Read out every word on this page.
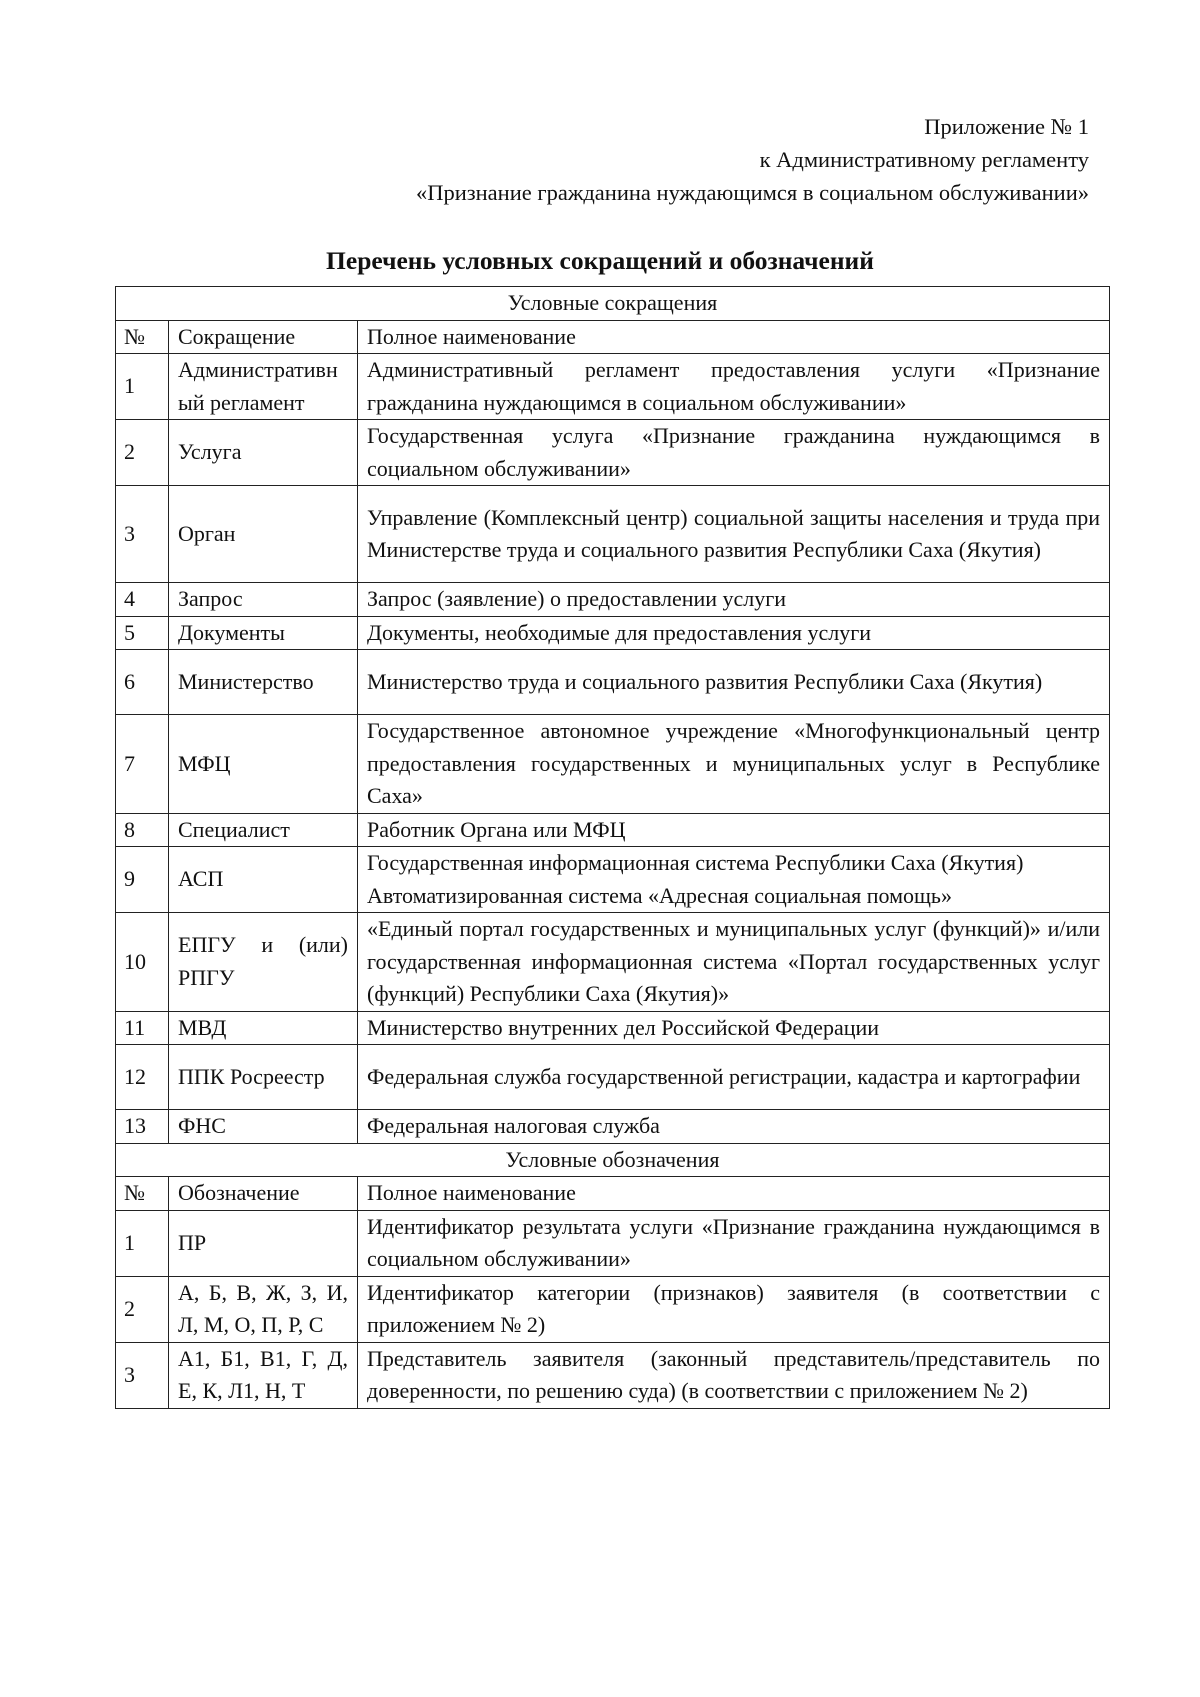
Приложение № 1
к Административному регламенту
«Признание гражданина нуждающимся в социальном обслуживании»
Перечень условных сокращений и обозначений
Условные сокращения		
№	Сокращение	Полное наименование
1	Административный регламент	Административный регламент предоставления услуги «Признание гражданина нуждающимся в социальном обслуживании»
2	Услуга	Государственная услуга «Признание гражданина нуждающимся в социальном обслуживании»
3	Орган	Управление (Комплексный центр) социальной защиты населения и труда при Министерстве труда и социального развития Республики Саха (Якутия)
4	Запрос	Запрос (заявление) о предоставлении услуги
5	Документы	Документы, необходимые для предоставления услуги
6	Министерство	Министерство труда и социального развития Республики Саха (Якутия)
7	МФЦ	Государственное автономное учреждение «Многофункциональный центр предоставления государственных и муниципальных услуг в Республике Саха»
8	Специалист	Работник Органа или МФЦ
9	АСП	Государственная информационная система Республики Саха (Якутия)
Автоматизированная система «Адресная социальная помощь»

10	ЕПГУ и (или) РПГУ	«Единый портал государственных и муниципальных услуг (функций)» и/или государственная информационная система «Портал государственных услуг (функций) Республики Саха (Якутия)»
11	МВД	Министерство внутренних дел Российской Федерации
12	ППК Росреестр	Федеральная служба государственной регистрации, кадастра и картографии
13	ФНС	Федеральная налоговая служба
Условные обозначения		
№	Обозначение	Полное наименование
1	ПР	Идентификатор результата услуги «Признание гражданина нуждающимся в социальном обслуживании»
2	А, Б, В, Ж, З, И, Л, М, О, П, Р, С	Идентификатор категории (признаков) заявителя (в соответствии с приложением № 2)
3	А1, Б1, В1, Г, Д, Е, К, Л1, Н, Т	Представитель заявителя (законный представитель/представитель по доверенности, по решению суда) (в соответствии с приложением № 2)
